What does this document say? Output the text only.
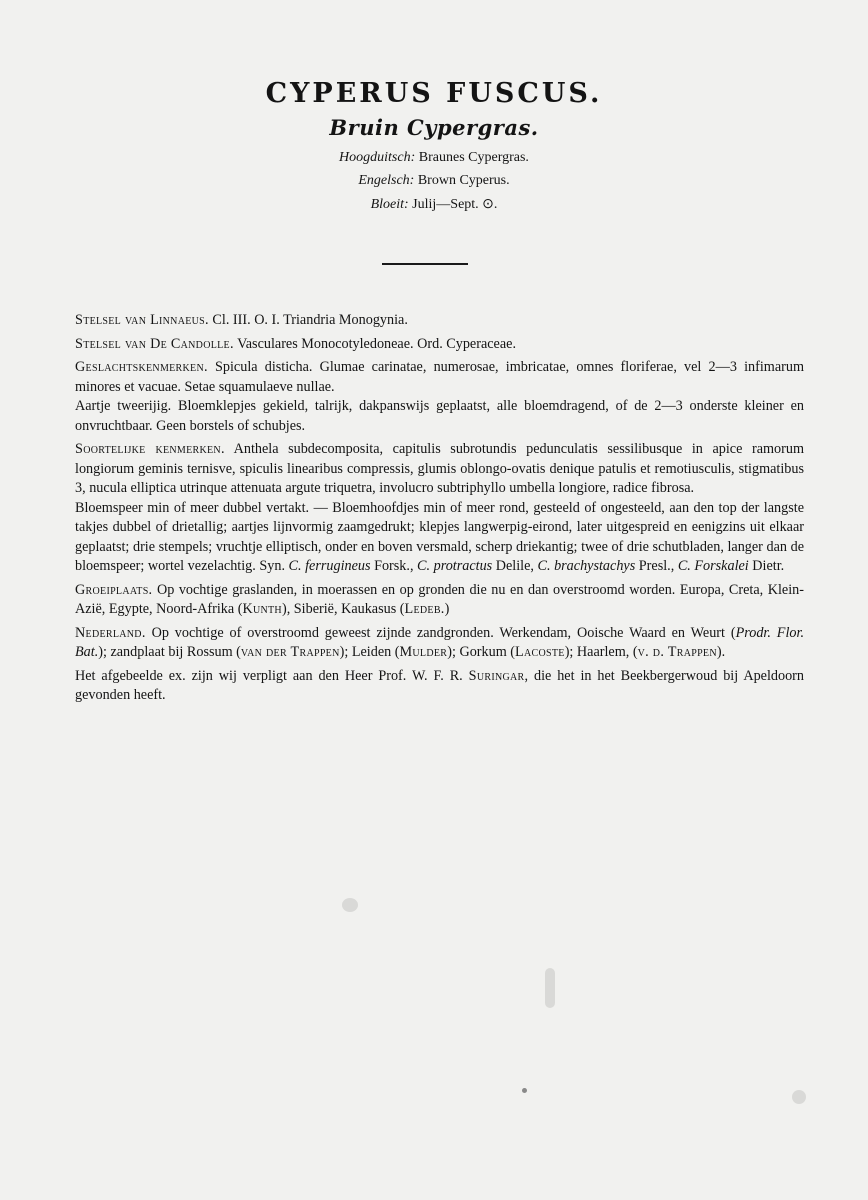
CYPERUS FUSCUS.
Bruin Cypergras.

Hoogduitsch: Braunes Cypergras.

Engelsch: Brown Cyperus.

Bloeit: Julij—Sept. ⊙.

Stelsel van Linnaeus. Cl. III. O. I. Triandria Monogynia.

Stelsel van De Candolle. Vasculares Monocotyledoneae. Ord. Cyperaceae.

Geslachtskenmerken. Spicula disticha. Glumae carinatae, numerosae, imbricatae, omnes floriferae, vel 2—3 infimarum minores et vacuae. Setae squamulaeve nullae.

Aartje tweerijig. Bloemklepjes gekield, talrijk, dakpanswijs geplaatst, alle bloemdragend, of de 2—3 onderste kleiner en onvruchtbaar. Geen borstels of schubjes.

Soortelijke kenmerken. Anthela subdecomposita, capitulis subrotundis pedunculatis sessilibusque in apice ramorum longiorum geminis ternisve, spiculis linearibus compressis, glumis oblongo-ovatis denique patulis et remotiusculis, stigmatibus 3, nucula elliptica utrinque attenuata argute triquetra, involucro subtriphyllo umbella longiore, radice fibrosa.

Bloemspeer min of meer dubbel vertakt. — Bloemhoofdjes min of meer rond, gesteeld of ongesteeld, aan den top der langste takjes dubbel of drietallig; aartjes lijnvormig zaamgedrukt; klepjes langwerpig-eirond, later uitgespreid en eenigzins uit elkaar geplaatst; drie stempels; vruchtje elliptisch, onder en boven versmald, scherp driekantig; twee of drie schutbladen, langer dan de bloemspeer; wortel vezelachtig. Syn. C. ferrugineus Forsk., C. protractus Delile, C. brachystachys Presl., C. Forskalei Dietr.

Groeiplaats. Op vochtige graslanden, in moerassen en op gronden die nu en dan overstroomd worden. Europa, Creta, Klein-Azië, Egypte, Noord-Afrika (Kunth), Siberië, Kaukasus (Ledeb.)

Nederland. Op vochtige of overstroomd geweest zijnde zandgronden. Werkendam, Ooische Waard en Weurt (Prodr. Flor. Bat.); zandplaat bij Rossum (van der Trappen); Leiden (Mulder); Gorkum (Lacoste); Haarlem, (v. d. Trappen).

Het afgebeelde ex. zijn wij verpligt aan den Heer Prof. W. F. R. Suringar, die het in het Beekbergerwoud bij Apeldoorn gevonden heeft.
